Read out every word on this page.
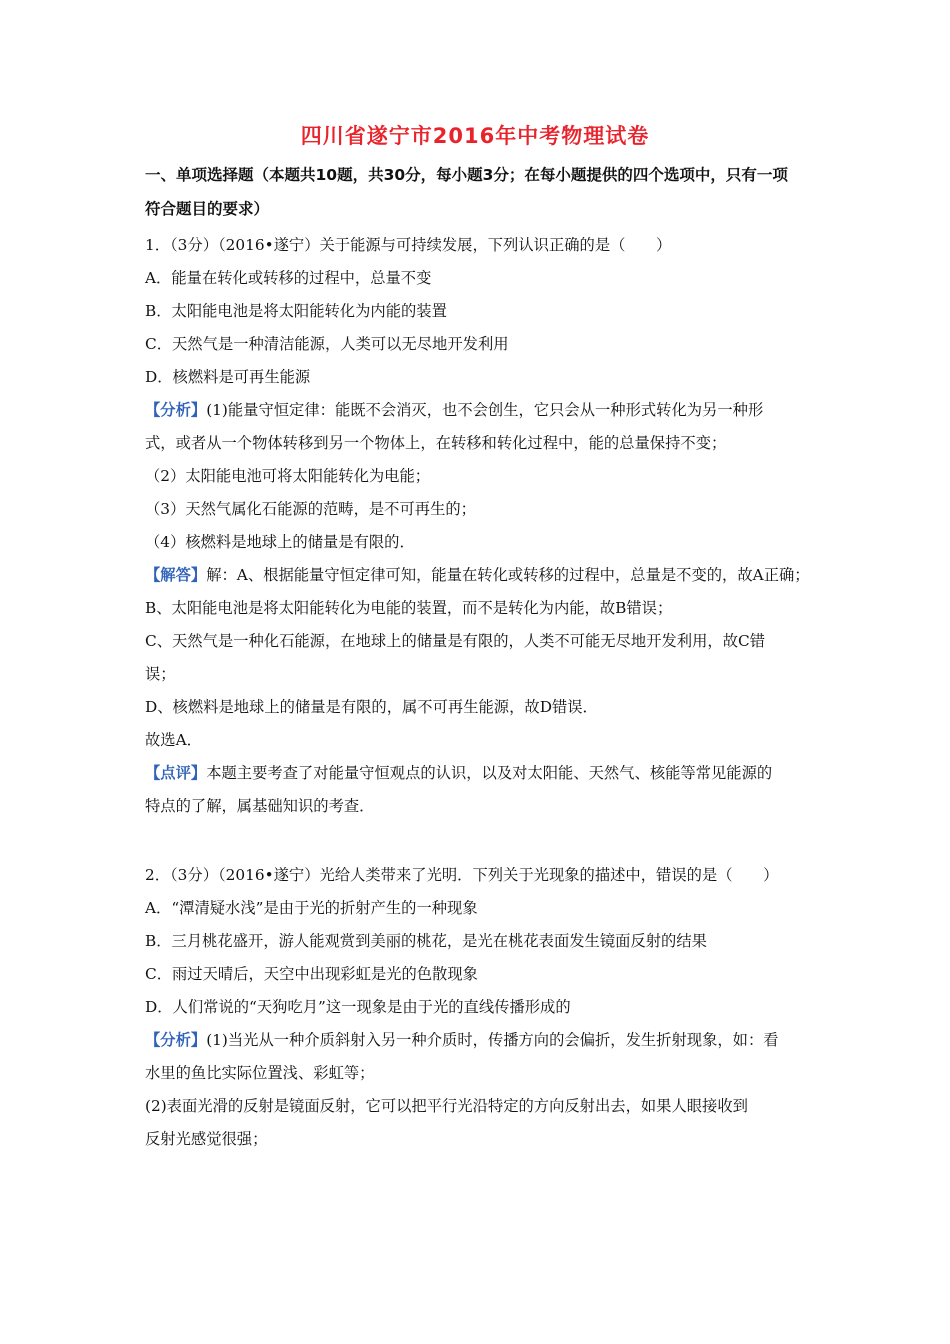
四川省遂宁市2016年中考物理试卷
一、单项选择题（本题共10题，共30分，每小题3分；在每小题提供的四个选项中，只有一项
符合题目的要求）
1．（3分）（2016•遂宁）关于能源与可持续发展，下列认识正确的是（　　）
A．能量在转化或转移的过程中，总量不变
B．太阳能电池是将太阳能转化为内能的装置
C．天然气是一种清洁能源，人类可以无尽地开发利用
D．核燃料是可再生能源
【分析】(1)能量守恒定律：能既不会消灭，也不会创生，它只会从一种形式转化为另一种形
式，或者从一个物体转移到另一个物体上，在转移和转化过程中，能的总量保持不变；
（2）太阳能电池可将太阳能转化为电能；
（3）天然气属化石能源的范畴，是不可再生的；
（4）核燃料是地球上的储量是有限的．
【解答】解：A、根据能量守恒定律可知，能量在转化或转移的过程中，总量是不变的，故A正确；
B、太阳能电池是将太阳能转化为电能的装置，而不是转化为内能，故B错误；
C、天然气是一种化石能源，在地球上的储量是有限的，人类不可能无尽地开发利用，故C错
误；
D、核燃料是地球上的储量是有限的，属不可再生能源，故D错误．
故选A．
【点评】本题主要考查了对能量守恒观点的认识，以及对太阳能、天然气、核能等常见能源的
特点的了解，属基础知识的考查．
2．（3分）（2016•遂宁）光给人类带来了光明．下列关于光现象的描述中，错误的是（　　）
A．“潭清疑水浅”是由于光的折射产生的一种现象
B．三月桃花盛开，游人能观赏到美丽的桃花，是光在桃花表面发生镜面反射的结果
C．雨过天晴后，天空中出现彩虹是光的色散现象
D．人们常说的“天狗吃月”这一现象是由于光的直线传播形成的
【分析】(1)当光从一种介质斜射入另一种介质时，传播方向的会偏折，发生折射现象，如：看
水里的鱼比实际位置浅、彩虹等；
(2)表面光滑的反射是镜面反射，它可以把平行光沿特定的方向反射出去，如果人眼接收到
反射光感觉很强；
